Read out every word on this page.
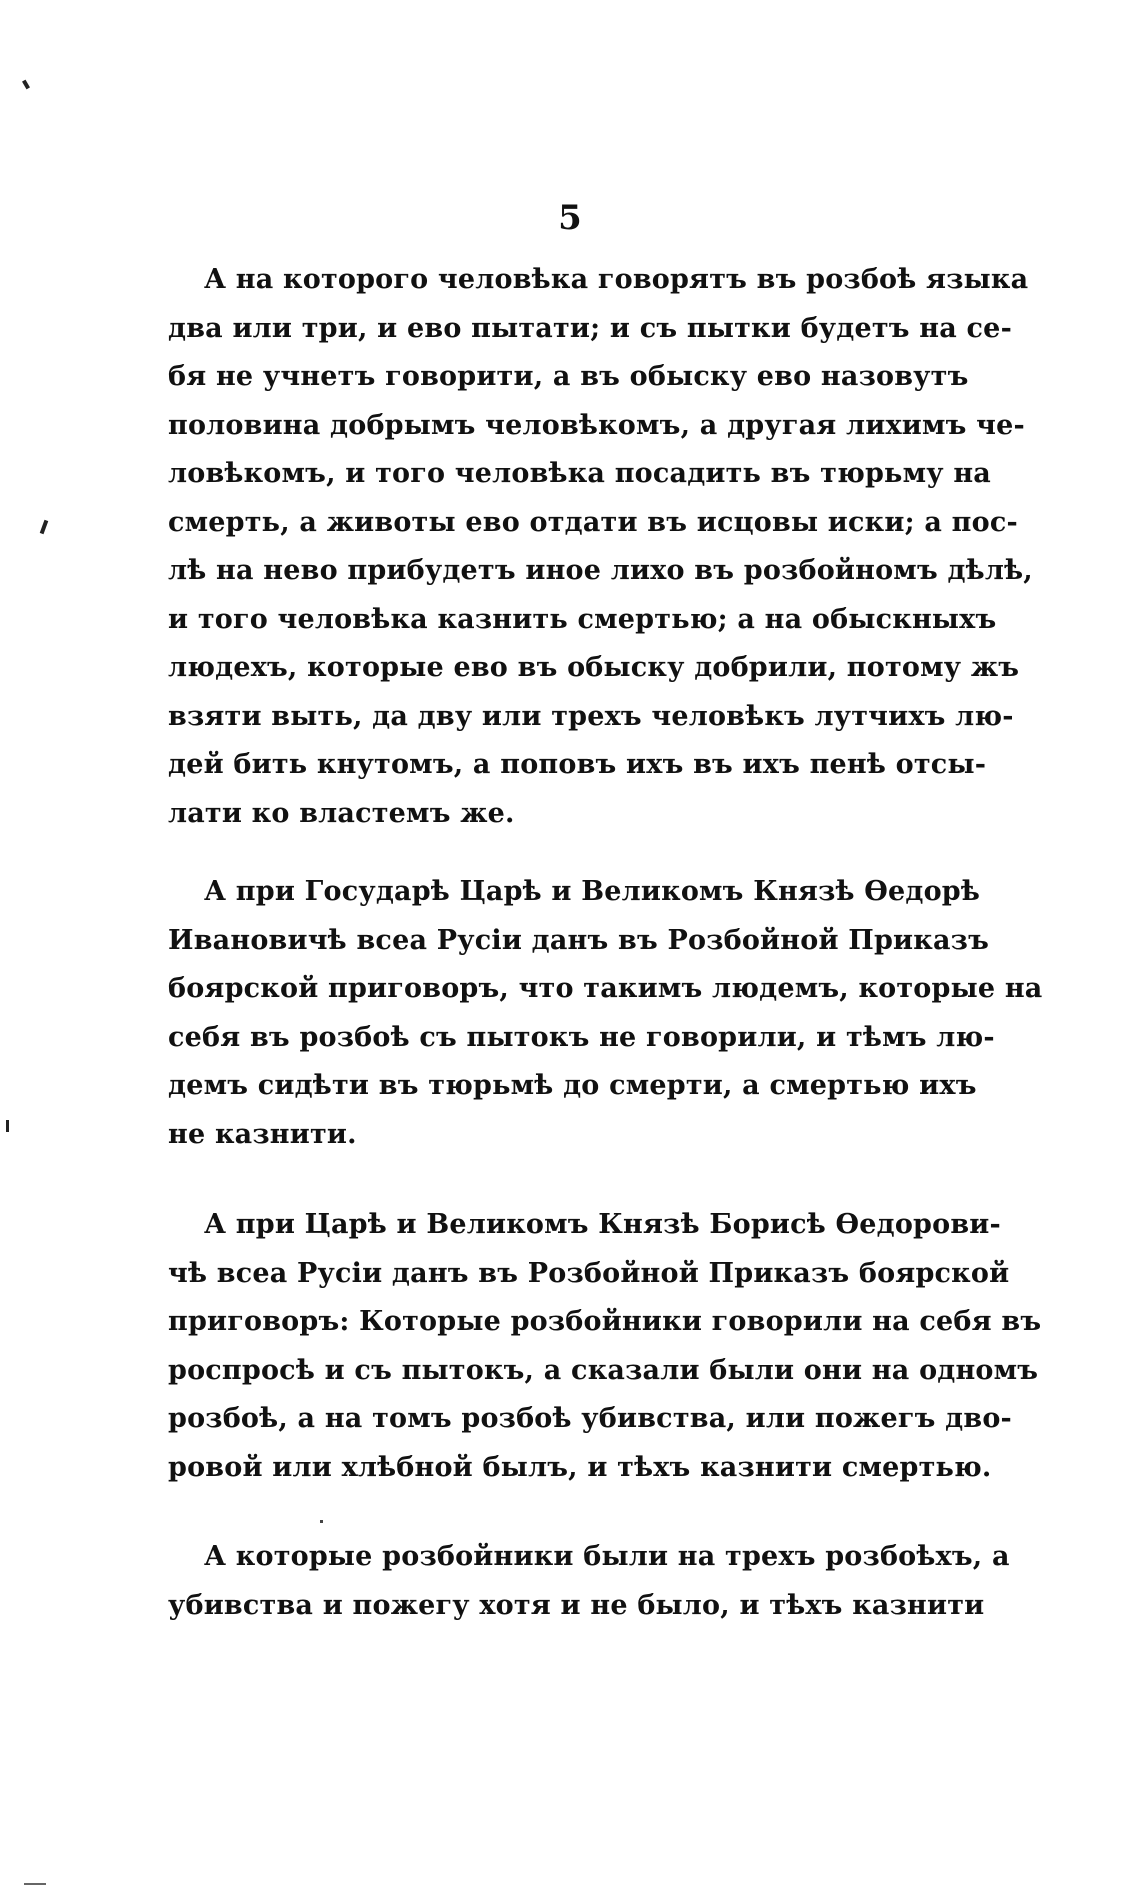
5
А на которого человѣка говорятъ въ розбоѣ языка
два или три, и ево пытати; и съ пытки будетъ на се-
бя не учнетъ говорити, а въ обыску ево назовутъ
половина добрымъ человѣкомъ, а другая лихимъ че-
ловѣкомъ, и того человѣка посадить въ тюрьму на
смерть, а животы ево отдати въ исцовы иски; а пос-
лѣ на нево прибудетъ иное лихо въ розбойномъ дѣлѣ,
и того человѣка казнить смертью; а на обыскныхъ
людехъ, которые ево въ обыску добрили, потому жъ
взяти выть, да дву или трехъ человѣкъ лутчихъ лю-
дей бить кнутомъ, а поповъ ихъ въ ихъ пенѣ отсы-
лати ко властемъ же.
А при Государѣ Царѣ и Великомъ Князѣ Ѳедорѣ
Ивановичѣ всеа Русіи данъ въ Розбойной Приказъ
боярской приговоръ, что такимъ людемъ, которые на
себя въ розбоѣ съ пытокъ не говорили, и тѣмъ лю-
демъ сидѣти въ тюрьмѣ до смерти, а смертью ихъ
не казнити.
А при Царѣ и Великомъ Князѣ Борисѣ Ѳедорови-
чѣ всеа Русіи данъ въ Розбойной Приказъ боярской
приговоръ: Которые розбойники говорили на себя въ
роспросѣ и съ пытокъ, а сказали были они на одномъ
розбоѣ, а на томъ розбоѣ убивства, или пожегъ дво-
ровой или хлѣбной былъ, и тѣхъ казнити смертью.
А которые розбойники были на трехъ розбоѣхъ, а
убивства и пожегу хотя и не было, и тѣхъ казнити
